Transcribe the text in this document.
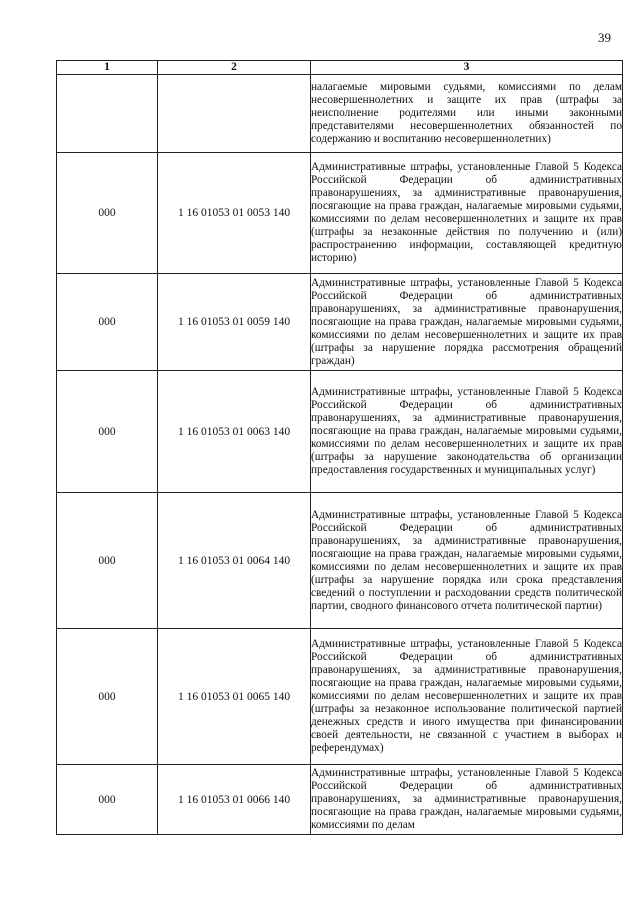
39
1	2	3
		налагаемые мировыми судьями, комиссиями по делам несовершеннолетних и защите их прав (штрафы за неисполнение родителями или иными законными представителями несовершеннолетних обязанностей по содержанию и воспитанию несовершеннолетних)
000	1 16 01053 01 0053 140	Административные штрафы, установленные Главой 5 Кодекса Российской Федерации об административных правонарушениях, за административные правонарушения, посягающие на права граждан, налагаемые мировыми судьями, комиссиями по делам несовершеннолетних и защите их прав (штрафы за незаконные действия по получению и (или) распространению информации, составляющей кредитную историю)
000	1 16 01053 01 0059 140	Административные штрафы, установленные Главой 5 Кодекса Российской Федерации об административных правонарушениях, за административные правонарушения, посягающие на права граждан, налагаемые мировыми судьями, комиссиями по делам несовершеннолетних и защите их прав (штрафы за нарушение порядка рассмотрения обращений граждан)
000	1 16 01053 01 0063 140	Административные штрафы, установленные Главой 5 Кодекса Российской Федерации об административных правонарушениях, за административные правонарушения, посягающие на права граждан, налагаемые мировыми судьями, комиссиями по делам несовершеннолетних и защите их прав (штрафы за нарушение законодательства об организации предоставления государственных и муниципальных услуг)
000	1 16 01053 01 0064 140	Административные штрафы, установленные Главой 5 Кодекса Российской Федерации об административных правонарушениях, за административные правонарушения, посягающие на права граждан, налагаемые мировыми судьями, комиссиями по делам несовершеннолетних и защите их прав (штрафы за нарушение порядка или срока представления сведений о поступлении и расходовании средств политической партии, сводного финансового отчета политической партии)
000	1 16 01053 01 0065 140	Административные штрафы, установленные Главой 5 Кодекса Российской Федерации об административных правонарушениях, за административные правонарушения, посягающие на права граждан, налагаемые мировыми судьями, комиссиями по делам несовершеннолетних и защите их прав (штрафы за незаконное использование политической партией денежных средств и иного имущества при финансировании своей деятельности, не связанной с участием в выборах и референдумах)
000	1 16 01053 01 0066 140	Административные штрафы, установленные Главой 5 Кодекса Российской Федерации об административных правонарушениях, за административные правонарушения, посягающие на права граждан, налагаемые мировыми судьями, комиссиями по делам
